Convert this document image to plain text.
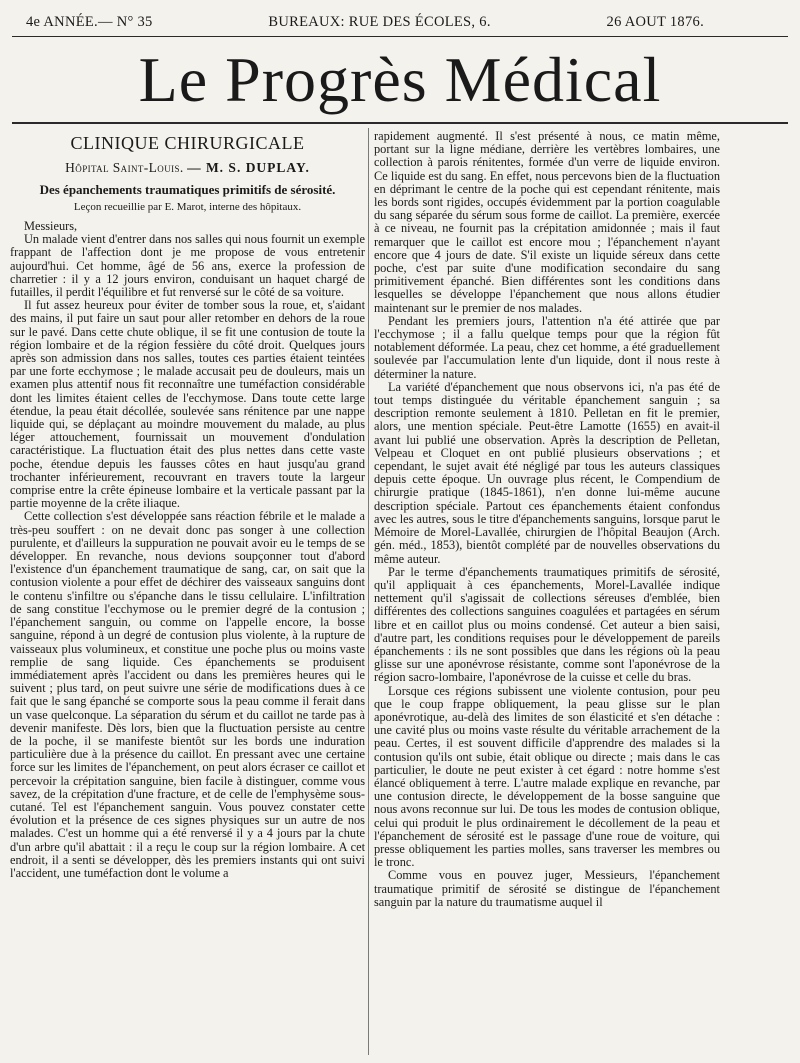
4e ANNÉE.— N° 35	BUREAUX: RUE DES ÉCOLES, 6.	26 AOUT 1876.
Le Progrès Médical
CLINIQUE CHIRURGICALE
Hôpital Saint-Louis. — M. S. DUPLAY.
Des épanchements traumatiques primitifs de sérosité.
Leçon recueillie par E. Marot, interne des hôpitaux.

Messieurs,

Un malade vient d'entrer dans nos salles qui nous fournit un exemple frappant de l'affection dont je me propose de vous entretenir aujourd'hui. Cet homme, âgé de 56 ans, exerce la profession de charretier : il y a 12 jours environ, conduisant un haquet chargé de futailles, il perdit l'équilibre et fut renversé sur le côté de sa voiture.

Il fut assez heureux pour éviter de tomber sous la roue, et, s'aidant des mains, il put faire un saut pour aller retomber en dehors de la roue sur le pavé. Dans cette chute oblique, il se fit une contusion de toute la région lombaire et de la région fessière du côté droit. Quelques jours après son admission dans nos salles, toutes ces parties étaient teintées par une forte ecchymose ; le malade accusait peu de douleurs, mais un examen plus attentif nous fit reconnaître une tuméfaction considérable dont les limites étaient celles de l'ecchymose. Dans toute cette large étendue, la peau était décollée, soulevée sans rénitence par une nappe liquide qui, se déplaçant au moindre mouvement du malade, au plus léger attouchement, fournissait un mouvement d'ondulation caractéristique. La fluctuation était des plus nettes dans cette vaste poche, étendue depuis les fausses côtes en haut jusqu'au grand trochanter inférieurement, recouvrant en travers toute la largeur comprise entre la crête épineuse lombaire et la verticale passant par la partie moyenne de la crête iliaque.

Cette collection s'est développée sans réaction fébrile et le malade a très-peu souffert : on ne devait donc pas songer à une collection purulente, et d'ailleurs la suppuration ne pouvait avoir eu le temps de se développer. En revanche, nous devions soupçonner tout d'abord l'existence d'un épanchement traumatique de sang, car, on sait que la contusion violente a pour effet de déchirer des vaisseaux sanguins dont le contenu s'infiltre ou s'épanche dans le tissu cellulaire. L'infiltration de sang constitue l'ecchymose ou le premier degré de la contusion ; l'épanchement sanguin, ou comme on l'appelle encore, la bosse sanguine, répond à un degré de contusion plus violente, à la rupture de vaisseaux plus volumineux, et constitue une poche plus ou moins vaste remplie de sang liquide. Ces épanchements se produisent immédiatement après l'accident ou dans les premières heures qui le suivent ; plus tard, on peut suivre une série de modifications dues à ce fait que le sang épanché se comporte sous la peau comme il ferait dans un vase quelconque. La séparation du sérum et du caillot ne tarde pas à devenir manifeste. Dès lors, bien que la fluctuation persiste au centre de la poche, il se manifeste bientôt sur les bords une induration particulière due à la présence du caillot. En pressant avec une certaine force sur les limites de l'épanchement, on peut alors écraser ce caillot et percevoir la crépitation sanguine, bien facile à distinguer, comme vous savez, de la crépitation d'une fracture, et de celle de l'emphysème sous-cutané. Tel est l'épanchement sanguin. Vous pouvez constater cette évolution et la présence de ces signes physiques sur un autre de nos malades. C'est un homme qui a été renversé il y a 4 jours par la chute d'un arbre qu'il abattait : il a reçu le coup sur la région lombaire. A cet endroit, il a senti se développer, dès les premiers instants qui ont suivi l'accident, une tuméfaction dont le volume a

rapidement augmenté. Il s'est présenté à nous, ce matin même, portant sur la ligne médiane, derrière les vertèbres lombaires, une collection à parois rénitentes, formée d'un verre de liquide environ. Ce liquide est du sang. En effet, nous percevons bien de la fluctuation en déprimant le centre de la poche qui est cependant rénitente, mais les bords sont rigides, occupés évidemment par la portion coagulable du sang séparée du sérum sous forme de caillot. La première, exercée à ce niveau, ne fournit pas la crépitation amidonnée ; mais il faut remarquer que le caillot est encore mou ; l'épanchement n'ayant encore que 4 jours de date. S'il existe un liquide séreux dans cette poche, c'est par suite d'une modification secondaire du sang primitivement épanché. Bien différentes sont les conditions dans lesquelles se développe l'épanchement que nous allons étudier maintenant sur le premier de nos malades.

Pendant les premiers jours, l'attention n'a été attirée que par l'ecchymose ; il a fallu quelque temps pour que la région fût notablement déformée. La peau, chez cet homme, a été graduellement soulevée par l'accumulation lente d'un liquide, dont il nous reste à déterminer la nature.

La variété d'épanchement que nous observons ici, n'a pas été de tout temps distinguée du véritable épanchement sanguin ; sa description remonte seulement à 1810. Pelletan en fit le premier, alors, une mention spéciale. Peut-être Lamotte (1655) en avait-il avant lui publié une observation. Après la description de Pelletan, Velpeau et Cloquet en ont publié plusieurs observations ; et cependant, le sujet avait été négligé par tous les auteurs classiques depuis cette époque. Un ouvrage plus récent, le Compendium de chirurgie pratique (1845-1861), n'en donne lui-même aucune description spéciale. Partout ces épanchements étaient confondus avec les autres, sous le titre d'épanchements sanguins, lorsque parut le Mémoire de Morel-Lavallée, chirurgien de l'hôpital Beaujon (Arch. gén. méd., 1853), bientôt complété par de nouvelles observations du même auteur.

Par le terme d'épanchements traumatiques primitifs de sérosité, qu'il appliquait à ces épanchements, Morel-Lavallée indique nettement qu'il s'agissait de collections séreuses d'emblée, bien différentes des collections sanguines coagulées et partagées en sérum libre et en caillot plus ou moins condensé. Cet auteur a bien saisi, d'autre part, les conditions requises pour le développement de pareils épanchements : ils ne sont possibles que dans les régions où la peau glisse sur une aponévrose résistante, comme sont l'aponévrose de la région sacro-lombaire, l'aponévrose de la cuisse et celle du bras.

Lorsque ces régions subissent une violente contusion, pour peu que le coup frappe obliquement, la peau glisse sur le plan aponévrotique, au-delà des limites de son élasticité et s'en détache : une cavité plus ou moins vaste résulte du véritable arrachement de la peau. Certes, il est souvent difficile d'apprendre des malades si la contusion qu'ils ont subie, était oblique ou directe ; mais dans le cas particulier, le doute ne peut exister à cet égard : notre homme s'est élancé obliquement à terre. L'autre malade explique en revanche, par une contusion directe, le développement de la bosse sanguine que nous avons reconnue sur lui. De tous les modes de contusion oblique, celui qui produit le plus ordinairement le décollement de la peau et l'épanchement de sérosité est le passage d'une roue de voiture, qui presse obliquement les parties molles, sans traverser les membres ou le tronc.

Comme vous en pouvez juger, Messieurs, l'épanchement traumatique primitif de sérosité se distingue de l'épanchement sanguin par la nature du traumatisme auquel il
